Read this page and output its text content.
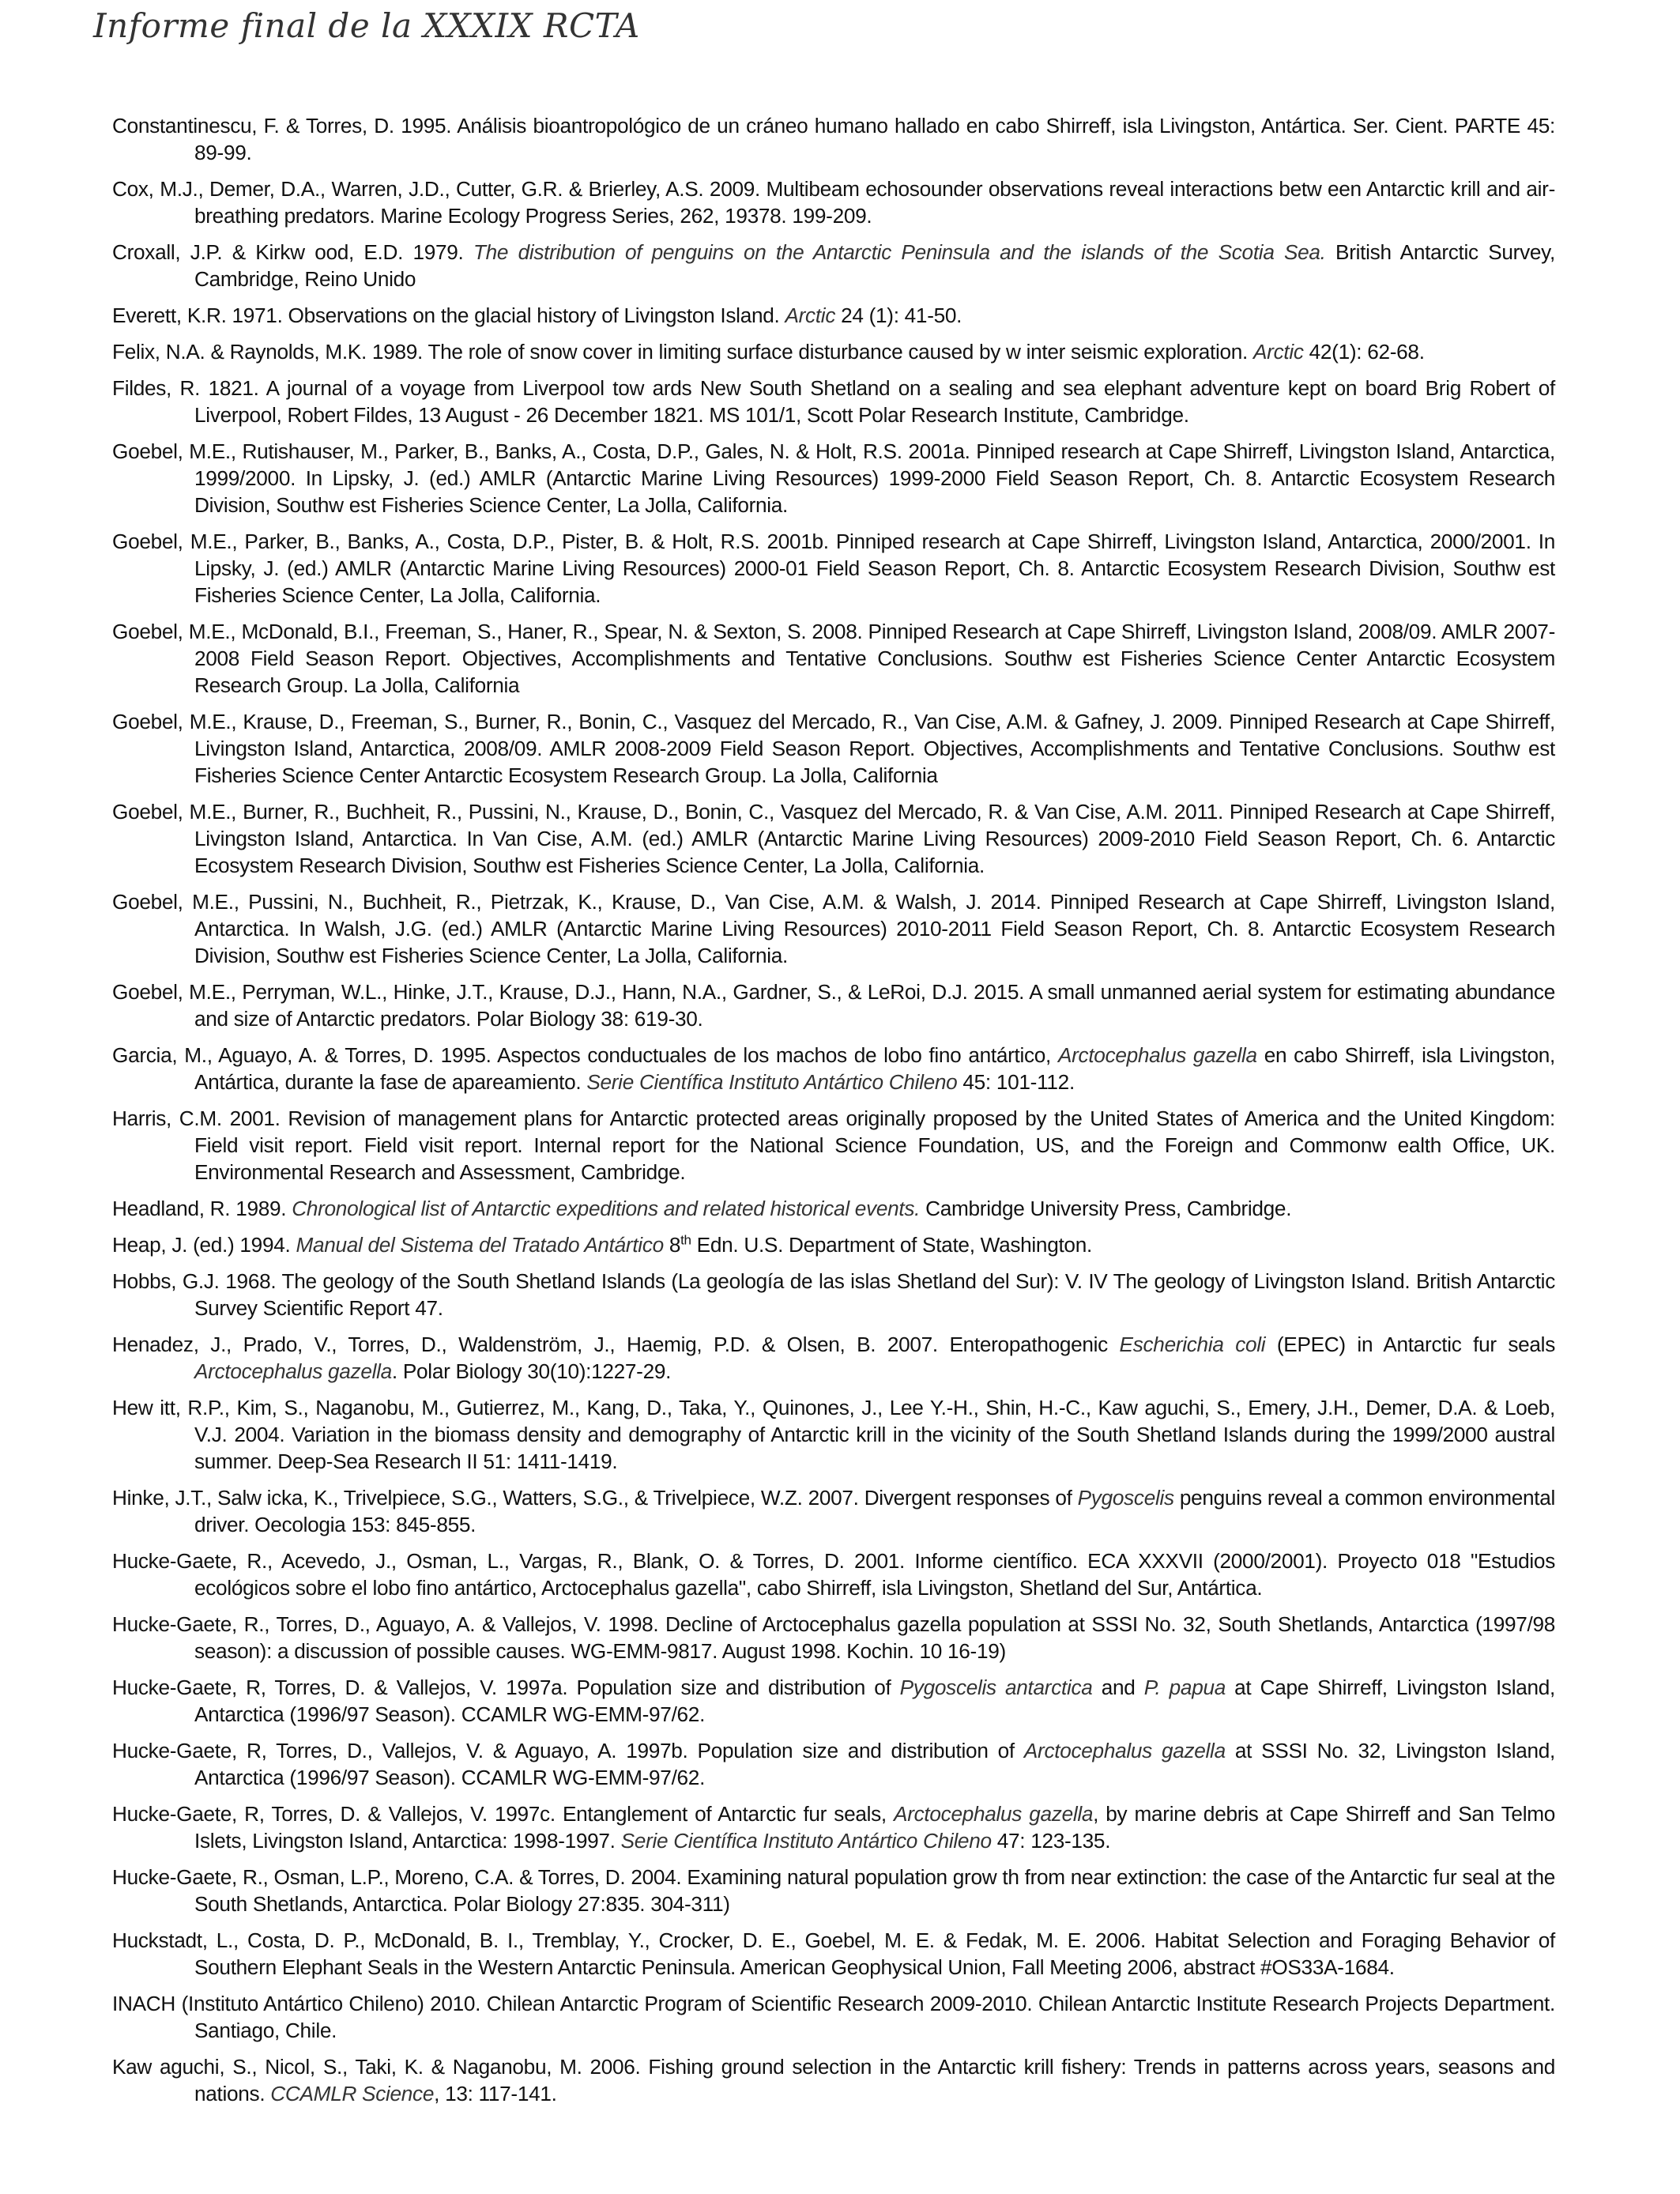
Informe final de la XXXIX RCTA

Constantinescu, F. & Torres, D. 1995. Análisis bioantropológico de un cráneo humano hallado en cabo Shirreff, isla Livingston, Antártica. Ser. Cient. PARTE 45: 89-99.

Cox, M.J., Demer, D.A., Warren, J.D., Cutter, G.R. & Brierley, A.S. 2009. Multibeam echosounder observations reveal interactions betw een Antarctic krill and air-breathing predators. Marine Ecology Progress Series, 262, 19378. 199-209.

Croxall, J.P. & Kirkw ood, E.D. 1979. The distribution of penguins on the Antarctic Peninsula and the islands of the Scotia Sea. British Antarctic Survey, Cambridge, Reino Unido

Everett, K.R. 1971. Observations on the glacial history of Livingston Island. Arctic 24 (1): 41-50.

Felix, N.A. & Raynolds, M.K. 1989. The role of snow cover in limiting surface disturbance caused by w inter seismic exploration. Arctic 42(1): 62-68.

Fildes, R. 1821. A journal of a voyage from Liverpool tow ards New South Shetland on a sealing and sea elephant adventure kept on board Brig Robert of Liverpool, Robert Fildes, 13 August - 26 December 1821. MS 101/1, Scott Polar Research Institute, Cambridge.

Goebel, M.E., Rutishauser, M., Parker, B., Banks, A., Costa, D.P., Gales, N. & Holt, R.S. 2001a. Pinniped research at Cape Shirreff, Livingston Island, Antarctica, 1999/2000. In Lipsky, J. (ed.) AMLR (Antarctic Marine Living Resources) 1999-2000 Field Season Report, Ch. 8. Antarctic Ecosystem Research Division, Southw est Fisheries Science Center, La Jolla, California.

Goebel, M.E., Parker, B., Banks, A., Costa, D.P., Pister, B. & Holt, R.S. 2001b. Pinniped research at Cape Shirreff, Livingston Island, Antarctica, 2000/2001. In Lipsky, J. (ed.) AMLR (Antarctic Marine Living Resources) 2000-01 Field Season Report, Ch. 8. Antarctic Ecosystem Research Division, Southw est Fisheries Science Center, La Jolla, California.

Goebel, M.E., McDonald, B.I., Freeman, S., Haner, R., Spear, N. & Sexton, S. 2008. Pinniped Research at Cape Shirreff, Livingston Island, 2008/09. AMLR 2007-2008 Field Season Report. Objectives, Accomplishments and Tentative Conclusions. Southw est Fisheries Science Center Antarctic Ecosystem Research Group. La Jolla, California

Goebel, M.E., Krause, D., Freeman, S., Burner, R., Bonin, C., Vasquez del Mercado, R., Van Cise, A.M. & Gafney, J. 2009. Pinniped Research at Cape Shirreff, Livingston Island, Antarctica, 2008/09. AMLR 2008-2009 Field Season Report. Objectives, Accomplishments and Tentative Conclusions. Southw est Fisheries Science Center Antarctic Ecosystem Research Group. La Jolla, California

Goebel, M.E., Burner, R., Buchheit, R., Pussini, N., Krause, D., Bonin, C., Vasquez del Mercado, R. & Van Cise, A.M. 2011. Pinniped Research at Cape Shirreff, Livingston Island, Antarctica. In Van Cise, A.M. (ed.) AMLR (Antarctic Marine Living Resources) 2009-2010 Field Season Report, Ch. 6. Antarctic Ecosystem Research Division, Southw est Fisheries Science Center, La Jolla, California.

Goebel, M.E., Pussini, N., Buchheit, R., Pietrzak, K., Krause, D., Van Cise, A.M. & Walsh, J. 2014. Pinniped Research at Cape Shirreff, Livingston Island, Antarctica. In Walsh, J.G. (ed.) AMLR (Antarctic Marine Living Resources) 2010-2011 Field Season Report, Ch. 8. Antarctic Ecosystem Research Division, Southw est Fisheries Science Center, La Jolla, California.

Goebel, M.E., Perryman, W.L., Hinke, J.T., Krause, D.J., Hann, N.A., Gardner, S., & LeRoi, D.J. 2015. A small unmanned aerial system for estimating abundance and size of Antarctic predators. Polar Biology 38: 619-30.

Garcia, M., Aguayo, A. & Torres, D. 1995. Aspectos conductuales de los machos de lobo fino antártico, Arctocephalus gazella en cabo Shirreff, isla Livingston, Antártica, durante la fase de apareamiento. Serie Científica Instituto Antártico Chileno 45: 101-112.

Harris, C.M. 2001. Revision of management plans for Antarctic protected areas originally proposed by the United States of America and the United Kingdom: Field visit report. Field visit report. Internal report for the National Science Foundation, US, and the Foreign and Commonw ealth Office, UK. Environmental Research and Assessment, Cambridge.

Headland, R. 1989. Chronological list of Antarctic expeditions and related historical events. Cambridge University Press, Cambridge.

Heap, J. (ed.) 1994. Manual del Sistema del Tratado Antártico 8th Edn. U.S. Department of State, Washington.

Hobbs, G.J. 1968. The geology of the South Shetland Islands (La geología de las islas Shetland del Sur): V. IV The geology of Livingston Island. British Antarctic Survey Scientific Report 47.

Henadez, J., Prado, V., Torres, D., Waldenström, J., Haemig, P.D. & Olsen, B. 2007. Enteropathogenic Escherichia coli (EPEC) in Antarctic fur seals Arctocephalus gazella. Polar Biology 30(10):1227-29.

Hew itt, R.P., Kim, S., Naganobu, M., Gutierrez, M., Kang, D., Taka, Y., Quinones, J., Lee Y.-H., Shin, H.-C., Kaw aguchi, S., Emery, J.H., Demer, D.A. & Loeb, V.J. 2004. Variation in the biomass density and demography of Antarctic krill in the vicinity of the South Shetland Islands during the 1999/2000 austral summer. Deep-Sea Research II 51: 1411-1419.

Hinke, J.T., Salw icka, K., Trivelpiece, S.G., Watters, S.G., & Trivelpiece, W.Z. 2007. Divergent responses of Pygoscelis penguins reveal a common environmental driver. Oecologia 153: 845-855.

Hucke-Gaete, R., Acevedo, J., Osman, L., Vargas, R., Blank, O. & Torres, D. 2001. Informe científico. ECA XXXVII (2000/2001). Proyecto 018 "Estudios ecológicos sobre el lobo fino antártico, Arctocephalus gazella", cabo Shirreff, isla Livingston, Shetland del Sur, Antártica.

Hucke-Gaete, R., Torres, D., Aguayo, A. & Vallejos, V. 1998. Decline of Arctocephalus gazella population at SSSI No. 32, South Shetlands, Antarctica (1997/98 season): a discussion of possible causes. WG-EMM-9817. August 1998. Kochin. 10 16-19)

Hucke-Gaete, R, Torres, D. & Vallejos, V. 1997a. Population size and distribution of Pygoscelis antarctica and P. papua at Cape Shirreff, Livingston Island, Antarctica (1996/97 Season). CCAMLR WG-EMM-97/62.

Hucke-Gaete, R, Torres, D., Vallejos, V. & Aguayo, A. 1997b. Population size and distribution of Arctocephalus gazella at SSSI No. 32, Livingston Island, Antarctica (1996/97 Season). CCAMLR WG-EMM-97/62.

Hucke-Gaete, R, Torres, D. & Vallejos, V. 1997c. Entanglement of Antarctic fur seals, Arctocephalus gazella, by marine debris at Cape Shirreff and San Telmo Islets, Livingston Island, Antarctica: 1998-1997. Serie Científica Instituto Antártico Chileno 47: 123-135.

Hucke-Gaete, R., Osman, L.P., Moreno, C.A. & Torres, D. 2004. Examining natural population grow th from near extinction: the case of the Antarctic fur seal at the South Shetlands, Antarctica. Polar Biology 27:835. 304-311)

Huckstadt, L., Costa, D. P., McDonald, B. I., Tremblay, Y., Crocker, D. E., Goebel, M. E. & Fedak, M. E. 2006. Habitat Selection and Foraging Behavior of Southern Elephant Seals in the Western Antarctic Peninsula. American Geophysical Union, Fall Meeting 2006, abstract #OS33A-1684.

INACH (Instituto Antártico Chileno) 2010. Chilean Antarctic Program of Scientific Research 2009-2010. Chilean Antarctic Institute Research Projects Department. Santiago, Chile.

Kaw aguchi, S., Nicol, S., Taki, K. & Naganobu, M. 2006. Fishing ground selection in the Antarctic krill fishery: Trends in patterns across years, seasons and nations. CCAMLR Science, 13: 117-141.
